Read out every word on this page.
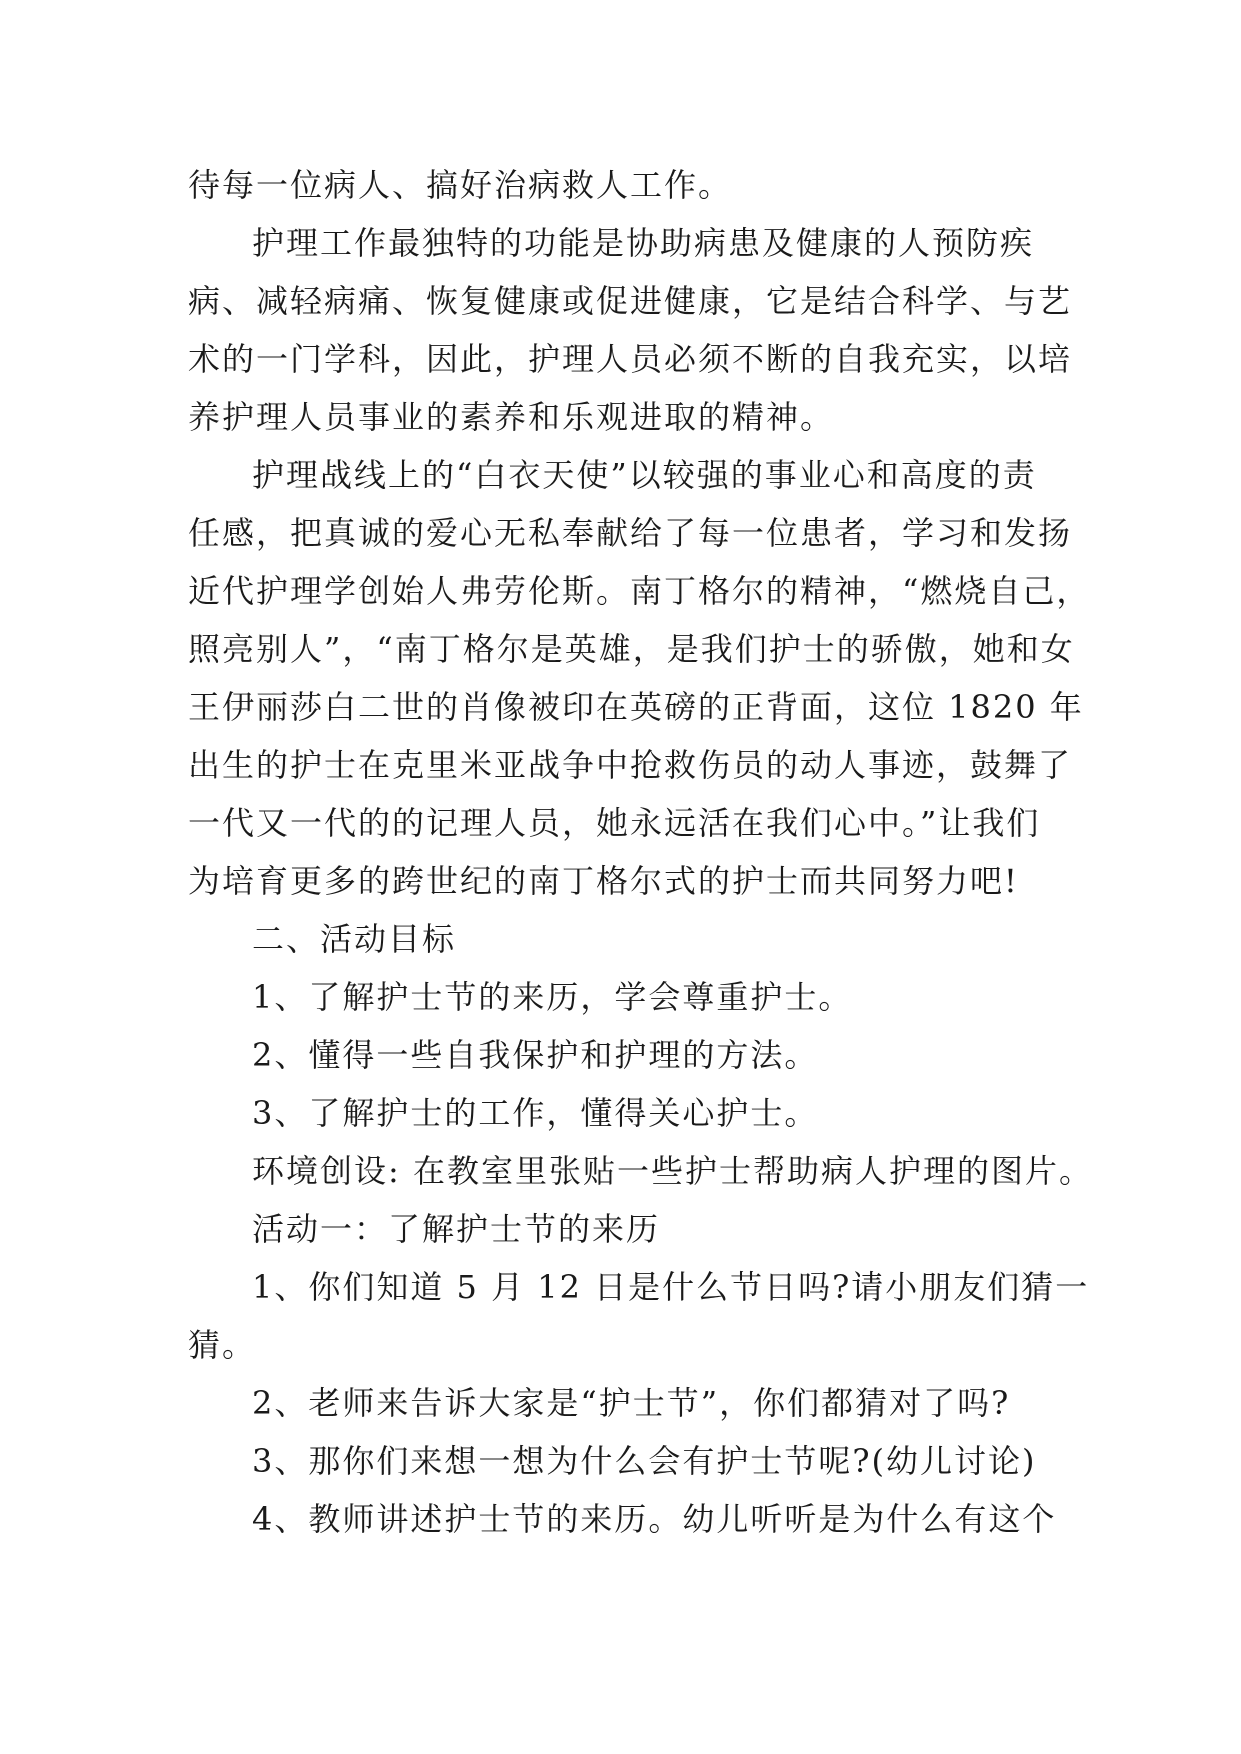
待每一位病人、搞好治病救人工作。
护理工作最独特的功能是协助病患及健康的人预防疾
病、减轻病痛、恢复健康或促进健康，它是结合科学、与艺
术的一门学科，因此，护理人员必须不断的自我充实，以培
养护理人员事业的素养和乐观进取的精神。
护理战线上的“白衣天使”以较强的事业心和高度的责
任感，把真诚的爱心无私奉献给了每一位患者，学习和发扬
近代护理学创始人弗劳伦斯。南丁格尔的精神，“燃烧自己，
照亮别人”，“南丁格尔是英雄，是我们护士的骄傲，她和女
王伊丽莎白二世的肖像被印在英磅的正背面，这位 1820 年
出生的护士在克里米亚战争中抢救伤员的动人事迹，鼓舞了
一代又一代的的记理人员，她永远活在我们心中。”让我们
为培育更多的跨世纪的南丁格尔式的护士而共同努力吧!
二、活动目标
1、了解护士节的来历，学会尊重护士。
2、懂得一些自我保护和护理的方法。
3、了解护士的工作，懂得关心护士。
环境创设: 在教室里张贴一些护士帮助病人护理的图片。
活动一：了解护士节的来历
1、你们知道 5 月 12 日是什么节日吗?请小朋友们猜一
猜。
2、老师来告诉大家是“护士节”，你们都猜对了吗?
3、那你们来想一想为什么会有护士节呢?(幼儿讨论)
4、教师讲述护士节的来历。幼儿听听是为什么有这个
